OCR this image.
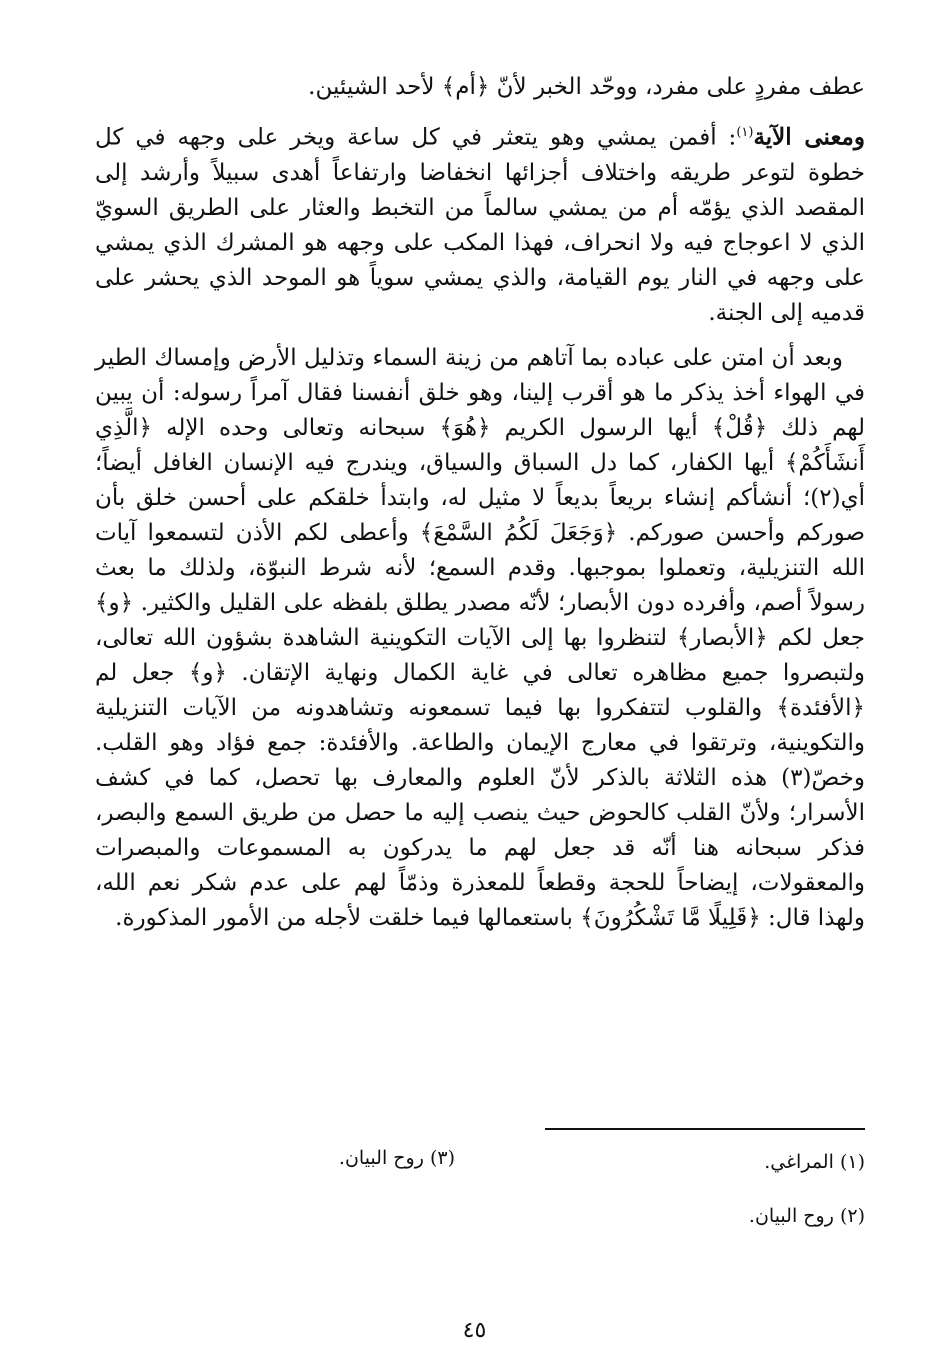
عطف مفردٍ على مفرد، ووحّد الخبر لأنّ ﴿أم﴾ لأحد الشيئين.

ومعنى الآية$^{(١)}$: أفمن يمشي وهو يتعثر في كل ساعة ويخر على وجهه في كل خطوة لتوعر طريقه واختلاف أجزائها انخفاضا وارتفاعاً أهدى سبيلاً وأرشد إلى المقصد الذي يؤمّه أم من يمشي سالماً من التخبط والعثار على الطريق السويّ الذي لا اعوجاج فيه ولا انحراف، فهذا المكب على وجهه هو المشرك الذي يمشي على وجهه في النار يوم القيامة، والذي يمشي سوياً هو الموحد الذي يحشر على قدميه إلى الجنة.

وبعد أن امتن على عباده بما آتاهم من زينة السماء وتذليل الأرض وإمساك الطير في الهواء أخذ يذكر ما هو أقرب إلينا، وهو خلق أنفسنا فقال آمراً رسوله: أن يبين لهم ذلك ﴿قُلْ﴾ أيها الرسول الكريم ﴿هُوَ﴾ سبحانه وتعالى وحده الإله ﴿الَّذِي أَنشَأَكُمْ﴾ أيها الكفار، كما دل السباق والسياق، ويندرج فيه الإنسان الغافل أيضاً؛ أي(٢)؛ أنشأكم إنشاء بريعاً بديعاً لا مثيل له، وابتدأ خلقكم على أحسن خلق بأن صوركم وأحسن صوركم. ﴿وَجَعَلَ لَكُمُ السَّمْعَ﴾ وأعطى لكم الأذن لتسمعوا آيات الله التنزيلية، وتعملوا بموجبها. وقدم السمع؛ لأنه شرط النبوّة، ولذلك ما بعث رسولاً أصم، وأفرده دون الأبصار؛ لأنّه مصدر يطلق بلفظه على القليل والكثير. ﴿و﴾ جعل لكم ﴿الأبصار﴾ لتنظروا بها إلى الآيات التكوينية الشاهدة بشؤون الله تعالى، ولتبصروا جميع مظاهره تعالى في غاية الكمال ونهاية الإتقان. ﴿و﴾ جعل لم ﴿الأفئدة﴾ والقلوب لتتفكروا بها فيما تسمعونه وتشاهدونه من الآيات التنزيلية والتكوينية، وترتقوا في معارج الإيمان والطاعة. والأفئدة: جمع فؤاد وهو القلب. وخصّ(٣) هذه الثلاثة بالذكر لأنّ العلوم والمعارف بها تحصل، كما في كشف الأسرار؛ ولأنّ القلب كالحوض حيث ينصب إليه ما حصل من طريق السمع والبصر، فذكر سبحانه هنا أنّه قد جعل لهم ما يدركون به المسموعات والمبصرات والمعقولات، إيضاحاً للحجة وقطعاً للمعذرة وذمّاً لهم على عدم شكر نعم الله، ولهذا قال: ﴿قَلِيلًا مَّا تَشْكُرُونَ﴾ باستعمالها فيما خلقت لأجله من الأمور المذكورة.

(١) المراغي.
(٣) روح البيان.
(٢) روح البيان.
٤٥
